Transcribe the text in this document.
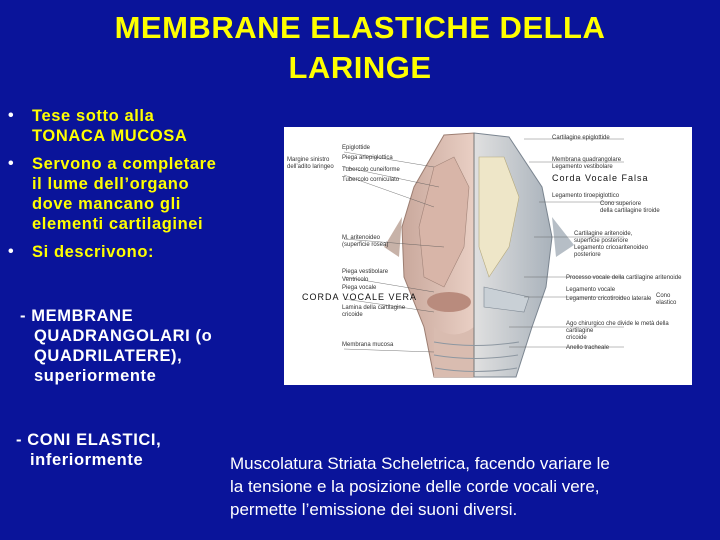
MEMBRANE ELASTICHE DELLA
LARINGE
• Tese sotto alla
TONACA MUCOSA
• Servono a completare
il lume dell’organo
dove mancano gli
elementi cartilaginei
• Si descrivono:
- MEMBRANE
QUADRANGOLARI (o
QUADRILATERE),
superiormente
- CONI ELASTICI,
inferiormente
Margine sinistro
dell’adito laringeo
Epiglottide
Piega ariepiglottica
Tubercolo cuneiforme
Tubercolo corniculato
M. aritenoideo
(superficie rosea)
Piega vestibolare
Ventricolo
Piega vocale
Lamina della cartilagine
cricoide
Membrana mucosa
Cartilagine epiglottide
Membrana quadrangolare
Legamento vestibolare
Legamento tiroepiglottico
Cono superiore
della cartilagine tiroide
Cartilagine aritenoide,
superficie posteriore
Legamento cricoaritenoideo
posteriore
Processo vocale della cartilagine aritenoide
Legamento vocale
Legamento cricotiroideo laterale Cono elastico
Ago chirurgico che divide le metà della cartilagine
cricoide
Anello tracheale
Corda Vocale Falsa
CORDA VOCALE VERA
Muscolatura Striata Scheletrica, facendo variare le
la tensione e la posizione delle corde vocali vere,
permette l’emissione dei suoni diversi.
